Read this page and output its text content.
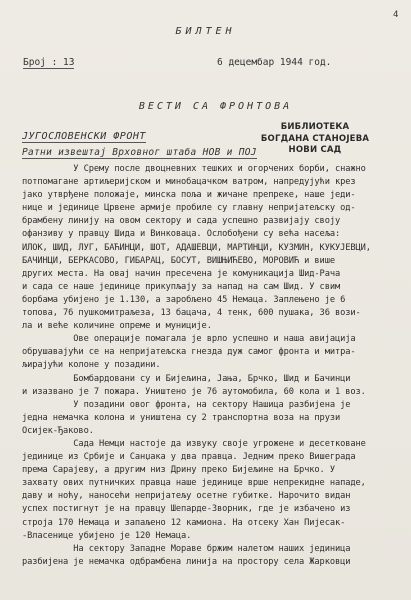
4
БИЛТЕН
Број : 13	6 децембар 1944 год.
ВЕСТИ СА ФРОНТОВА
ЈУГОСЛОВЕНСКИ ФРОНТ
Ратни извештај Врховног штаба НОВ и ПОЈ
БИБЛИОТЕКА
БОГДАНА СТАНОЈЕВА
НОВИ САД
У Срему после двоцневних тешких и огорчених борби, снажно
потпомагане артиљеријском и минобацачком ватром, напредујући крез
јако утврђене положаје, минска поља и жичане препреке, наше једи-
нице и јединице Црвене армије пробиле су главну непријатељску од-
брамбену линију на овом сектору и сада успешно развијају своју
офанзиву у правцу Шида и Винковаца. Ослобођени су већа насеља:
ИЛОК, ШИД, ЛУГ, БАЋИНЦИ, ШОТ, АДАШЕВЦИ, МАРТИНЦИ, КУЗМИН, КУКУЈЕВЦИ,
БАЧИНЦИ, БЕРКАСОВО, ГИБАРАЦ, БОСУТ, ВИШЊИЋЕВО, МОРОВИЋ и више
других места. На овај начин пресечена је комуникација Шид-Рача
и сада се наше јединице прикупљају за напад на сам Шид. У свим
борбама убијено је 1.130, а заробљено 45 Немаца. Заплењено је 6
топова, 76 пушкомитраљеза, 13 бацача, 4 тенк, 600 пушака, 36 вози-
ла и веће количине опреме и муниције.
Ове операције помагала је врло успешно и наша авијација
обрушавајући се на непријатељска гнезда дуж самог фронта и митра-
љирајући колоне у позадини.
Бомбардовани су и Бијељина, Јања, Брчко, Шид и Бачинци
и изазвано је 7 пожара. Уништено је 76 аутомобила, 60 кола и 1 воз.
У позадини овог фронта, на сектору Нашица разбијена је
једна немачка колона и уништена су 2 транспортна воза на прузи
Осијек-Ђаково.
Сада Немци настоје да извуку своје угрожене и десетковане
јединице из Србије и Санџака у два правца. Једним преко Вишеграда
према Сарајеву, а другим низ Дрину преко Бијељине на Брчко. У
захвату ових путничких правца наше јединице врше непрекидне нападе,
даву и ноћу, наносећи непријатељу осетне губитке. Нарочито видан
успех постигнут је на правцу Шепарде-Зворник, где је избачено из
строја 170 Немаца и запаљено 12 камиона. На отсеку Хан Пијесак-
-Власенице убијено је 120 Немаца.
На сектору Западне Мораве бржим налетом наших јединица
разбијена је немачка одбрамбена линија на простору села Жарковци
